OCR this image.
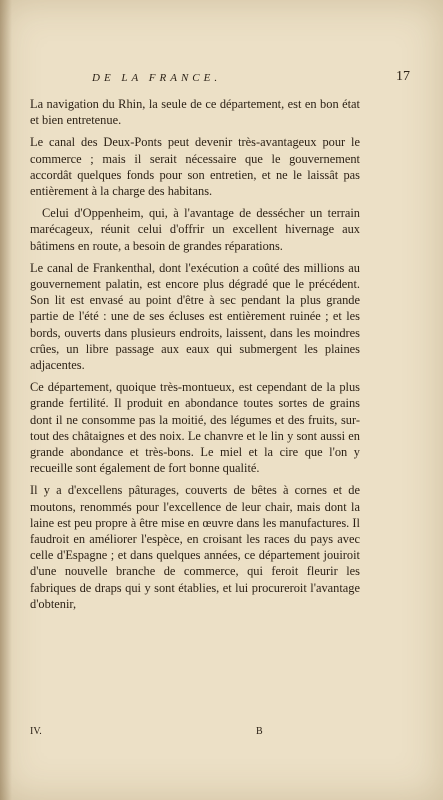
DE LA FRANCE.	17

La navigation du Rhin, la seule de ce département, est en bon état et bien entretenue.

Le canal des Deux-Ponts peut devenir très-avantageux pour le commerce ; mais il serait nécessaire que le gouvernement accordât quelques fonds pour son entretien, et ne le laissât pas entièrement à la charge des habitans.

Celui d'Oppenheim, qui, à l'avantage de dessécher un terrain marécageux, réunit celui d'offrir un excellent hivernage aux bâtimens en route, a besoin de grandes réparations.

Le canal de Frankenthal, dont l'exécution a coûté des millions au gouvernement palatin, est encore plus dégradé que le précédent. Son lit est envasé au point d'être à sec pendant la plus grande partie de l'été : une de ses écluses est entièrement ruinée ; et les bords, ouverts dans plusieurs endroits, laissent, dans les moindres crûes, un libre passage aux eaux qui submergent les plaines adjacentes.

Ce département, quoique très-montueux, est cependant de la plus grande fertilité. Il produit en abondance toutes sortes de grains dont il ne consomme pas la moitié, des légumes et des fruits, sur-tout des châtaignes et des noix. Le chanvre et le lin y sont aussi en grande abondance et très-bons. Le miel et la cire que l'on y recueille sont également de fort bonne qualité.

Il y a d'excellens pâturages, couverts de bêtes à cornes et de moutons, renommés pour l'excellence de leur chair, mais dont la laine est peu propre à être mise en œuvre dans les manufactures. Il faudroit en améliorer l'espèce, en croisant les races du pays avec celle d'Espagne ; et dans quelques années, ce département jouiroit d'une nouvelle branche de commerce, qui feroit fleurir les fabriques de draps qui y sont établies, et lui procureroit l'avantage d'obtenir,

IV.	B
